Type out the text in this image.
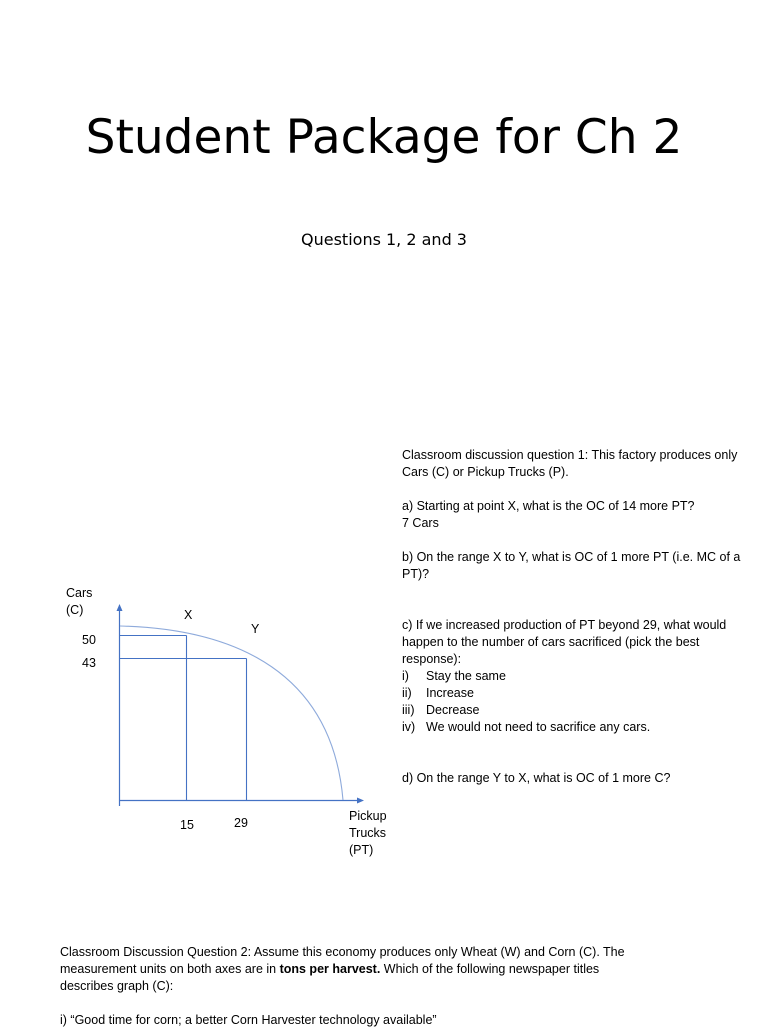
Student Package for Ch 2
Questions 1, 2 and 3
Cars
(C)	X
Y
50
43
15	29	Pickup
Trucks
(PT)

Classroom discussion question 1: This factory produces only Cars (C) or Pickup Trucks (P).

a) Starting at point X, what is the OC of 14 more PT?

7 Cars

b) On the range X to Y, what is OC of 1 more PT (i.e. MC of a PT)?

c) If we increased production of PT beyond 29, what would happen to the number of cars sacrificed (pick the best response):

i)	Stay the same
ii)	Increase
iii) Decrease
iv) We would not need to sacrifice any cars.

d) On the range Y to X, what is OC of 1 more C?

Classroom Discussion Question 2: Assume this economy produces only Wheat (W) and Corn (C). The measurement units on both axes are in tons per harvest. Which of the following newspaper titles describes graph (C):

i) “Good time for corn; a better Corn Harvester technology available”
